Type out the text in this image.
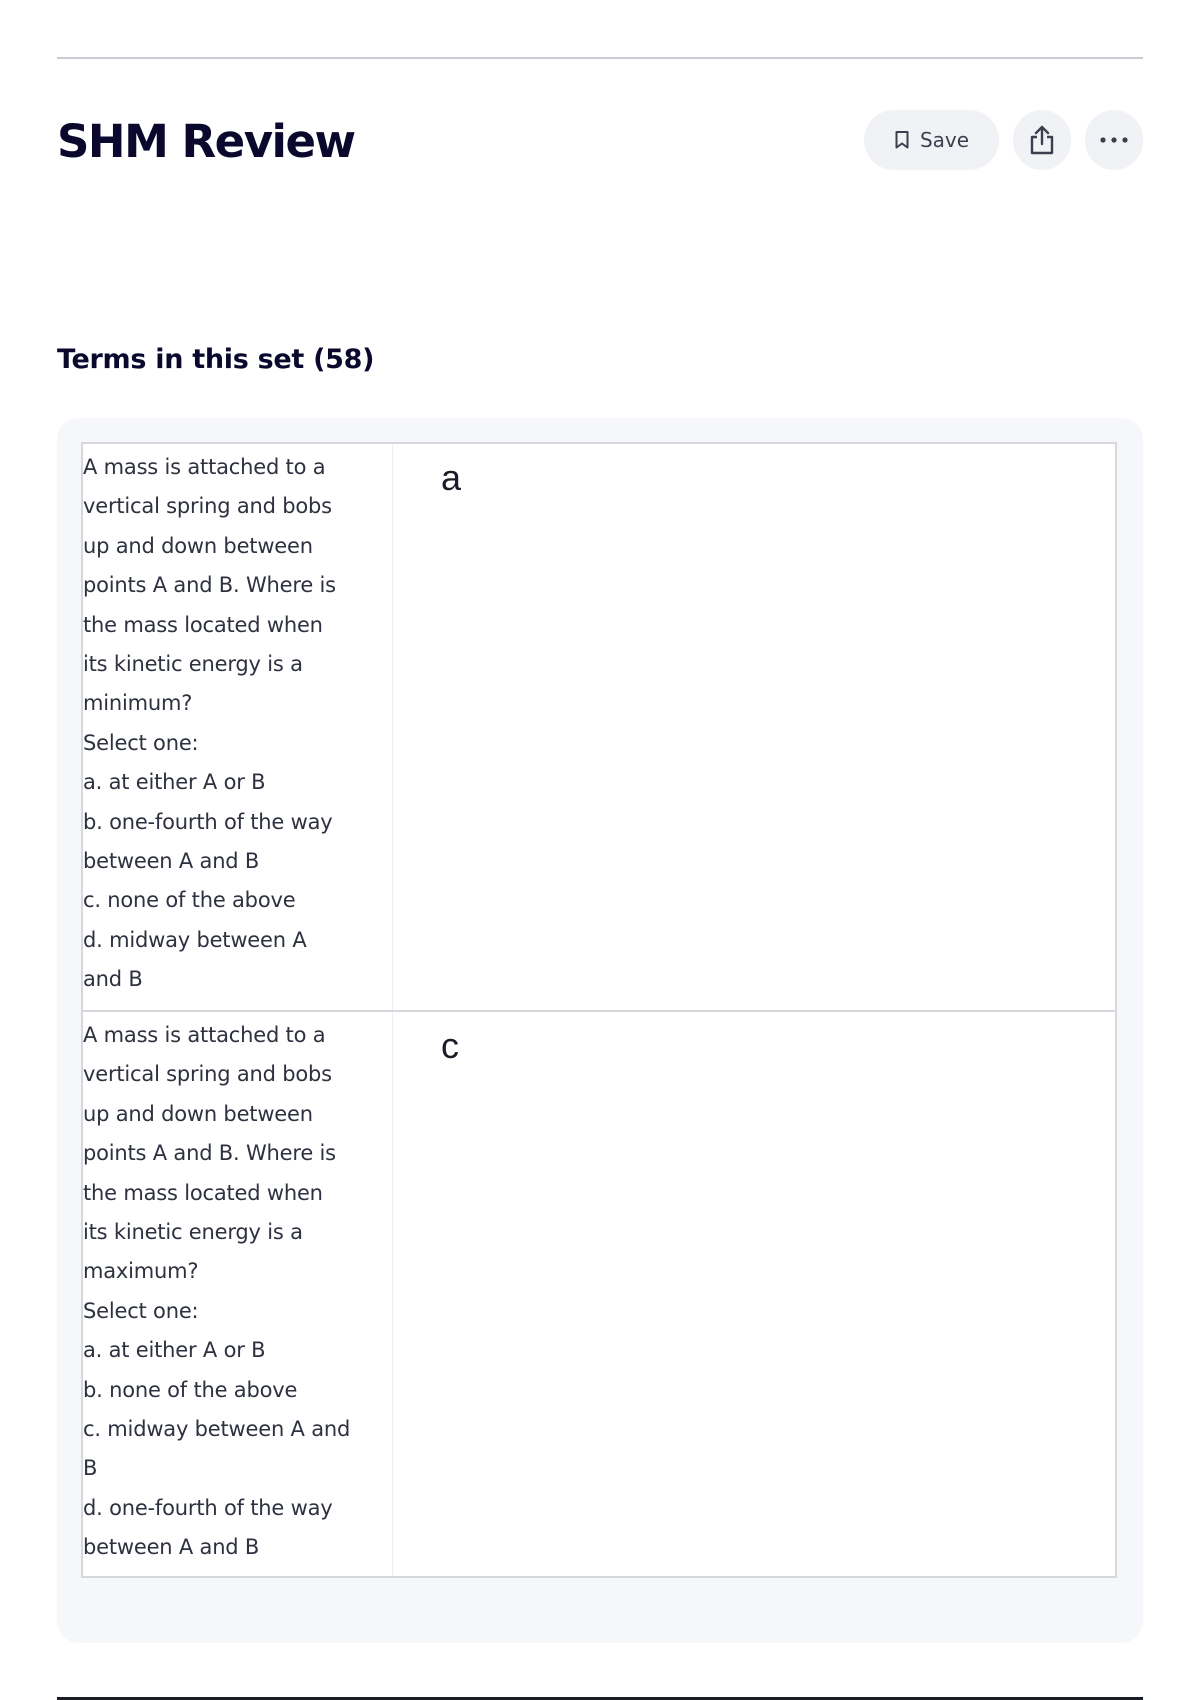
SHM Review	Save
Terms in this set (58)
A mass is attached to a
vertical spring and bobs
up and down between
points A and B. Where is
the mass located when
its kinetic energy is a
minimum?
Select one:
a. at either A or B
b. one-fourth of the way
between A and B
c. none of the above
d. midway between A
and B
a
A mass is attached to a
vertical spring and bobs
up and down between
points A and B. Where is
the mass located when
its kinetic energy is a
maximum?
Select one:
a. at either A or B
b. none of the above
c. midway between A and
B
d. one-fourth of the way
between A and B
c
